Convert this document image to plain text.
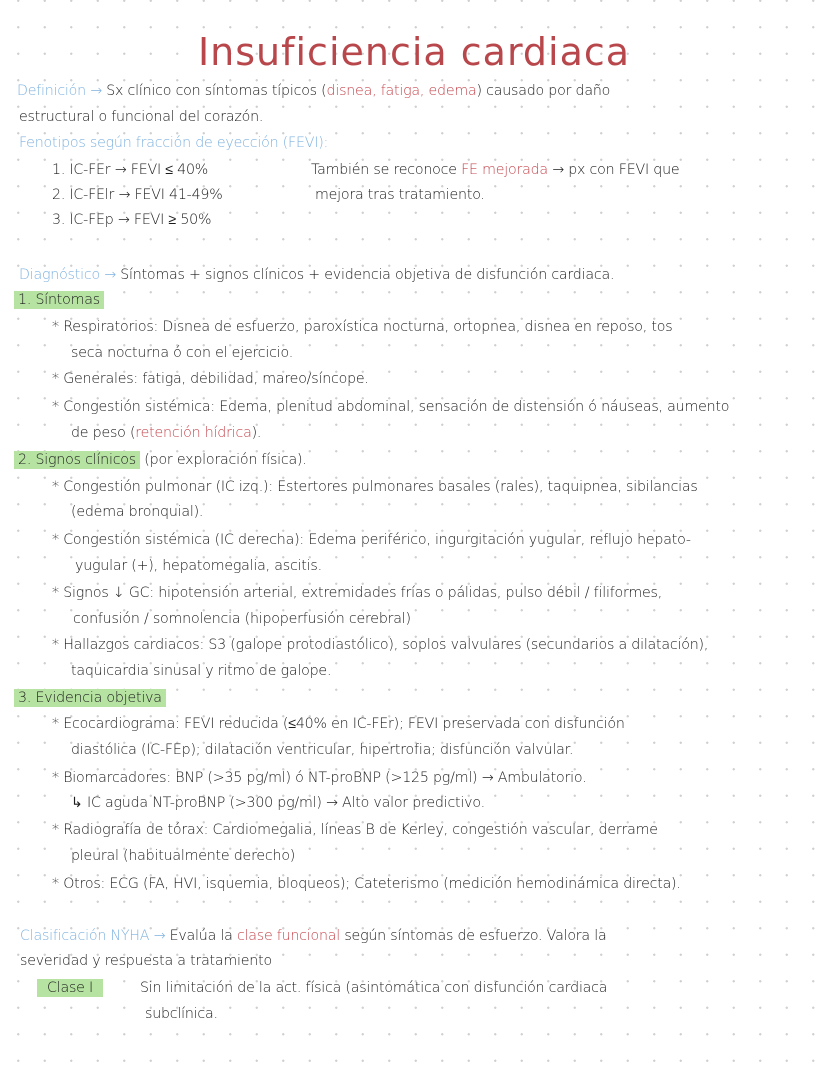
Insuficiencia cardiaca
Definición → Sx clínico con síntomas típicos (disnea, fatiga, edema) causado por daño
estructural o funcional del corazón.
Fenotipos según fracción de eyección (FEVI):
1. IC-FEr → FEVI ≤ 40%
2. IC-FElr → FEVI 41-49%
3. IC-FEp → FEVI ≥ 50%
También se reconoce FE mejorada → px con FEVI que
mejora tras tratamiento.
Diagnóstico → Síntomas + signos clínicos + evidencia objetiva de disfunción cardiaca.
1. Síntomas
* Respiratorios: Disnea de esfuerzo, paroxística nocturna, ortopnea, disnea en reposo, tos
seca nocturna ó con el ejercicio.
* Generales: fatiga, debilidad, mareo/síncope.
* Congestión sistémica: Edema, plenitud abdominal, sensación de distensión ó náuseas, aumento
de peso (retención hídrica).
2. Signos clínicos (por exploración física).
* Congestión pulmonar (IC izq.): Estertores pulmonares basales (rales), taquipnea, sibilancias
(edema bronquial).
* Congestión sistémica (IC derecha): Edema periférico, ingurgitación yugular, reflujo hepato-
yugular (+), hepatomegalia, ascitis.
* Signos ↓ GC: hipotensión arterial, extremidades frías o pálidas, pulso débil / filiformes,
confusión / somnolencia (hipoperfusión cerebral)
* Hallazgos cardiacos: S3 (galope protodiastólico), soplos valvulares (secundarios a dilatación),
taquicardia sinusal y ritmo de galope.
3. Evidencia objetiva
* Ecocardiograma: FEVI reducida (≤40% en IC-FEr); FEVI preservada con disfunción
diastólica (IC-FEp); dilatación ventricular, hipertrofia; disfunción valvular.
* Biomarcadores: BNP (>35 pg/ml) ó NT-proBNP (>125 pg/ml) → Ambulatorio.
↳ IC aguda NT-proBNP (>300 pg/ml) → Alto valor predictivo.
* Radiografía de tórax: Cardiomegalia, líneas B de Kerley, congestión vascular, derrame
pleural (habitualmente derecho)
* Otros: ECG (FA, HVI, isquemia, bloqueos); Cateterismo (medición hemodinámica directa).
Clasificación NYHA → Evalúa la clase funcional según síntomas de esfuerzo. Valora la
severidad y respuesta a tratamiento
Clase I	Sin limitación de la act. física (asintomática con disfunción cardiaca
subclínica.
